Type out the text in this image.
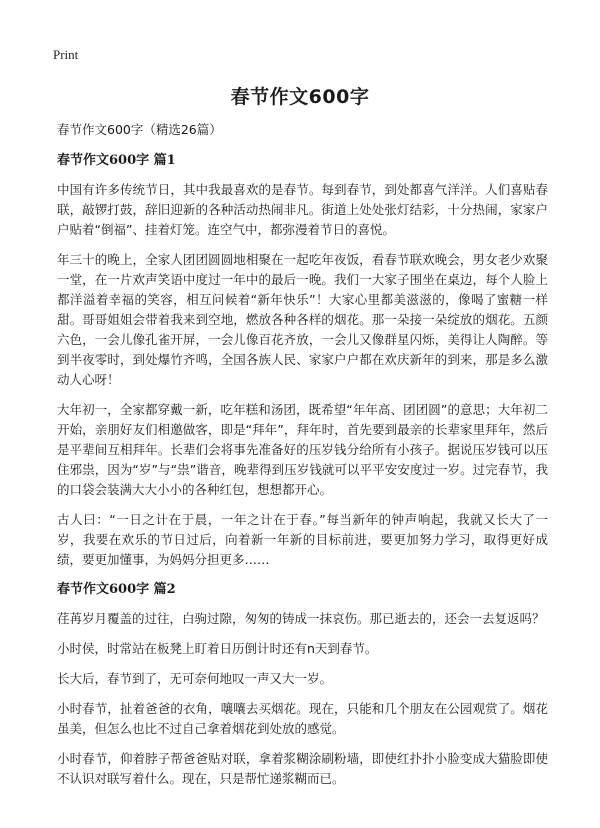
Print
春节作文600字
春节作文600字（精选26篇）
春节作文600字 篇1

中国有许多传统节日，其中我最喜欢的是春节。每到春节，到处都喜气洋洋。人们喜贴春联，敲锣打鼓，辞旧迎新的各种活动热闹非凡。街道上处处张灯结彩，十分热闹，家家户户贴着“倒福”、挂着灯笼。连空气中，都弥漫着节日的喜悦。

年三十的晚上，全家人团团圆圆地相聚在一起吃年夜饭，看春节联欢晚会，男女老少欢聚一堂，在一片欢声笑语中度过一年中的最后一晚。我们一大家子围坐在桌边，每个人脸上都洋溢着幸福的笑容，相互问候着“新年快乐”！大家心里都美滋滋的，像喝了蜜糖一样甜。哥哥姐姐会带着我来到空地，燃放各种各样的烟花。那一朵接一朵绽放的烟花。五颜六色，一会儿像孔雀开屏，一会儿像百花齐放，一会儿又像群星闪烁，美得让人陶醉。等到半夜零时，到处爆竹齐鸣，全国各族人民、家家户户都在欢庆新年的到来，那是多么激动人心呀！

大年初一，全家都穿戴一新，吃年糕和汤团，既希望“年年高、团团圆”的意思；大年初二开始，亲朋好友们相邀做客，即是“拜年”，拜年时，首先要到最亲的长辈家里拜年，然后是平辈间互相拜年。长辈们会将事先准备好的压岁钱分给所有小孩子。据说压岁钱可以压住邪祟，因为“岁”与“祟”谐音，晚辈得到压岁钱就可以平平安安度过一岁。过完春节，我的口袋会装满大大小小的各种红包，想想都开心。

古人曰：“一日之计在于晨，一年之计在于春。”每当新年的钟声响起，我就又长大了一岁，我要在欢乐的节日过后，向着新一年新的目标前进，要更加努力学习，取得更好成绩，要更加懂事，为妈妈分担更多……

春节作文600字 篇2

荏苒岁月覆盖的过往，白驹过隙，匆匆的铸成一抹哀伤。那已逝去的，还会一去复返吗？

小时侯，时常站在板凳上盯着日历倒计时还有n天到春节。

长大后，春节到了，无可奈何地叹一声又大一岁。

小时春节，扯着爸爸的衣角，嚷嚷去买烟花。现在，只能和几个朋友在公园观赏了。烟花虽美，但怎么也比不过自己拿着烟花到处放的感觉。

小时春节，仰着脖子帮爸爸贴对联，拿着浆糊涂刷粉墙，即使红扑扑小脸变成大猫脸即使不认识对联写着什么。现在，只是帮忙递浆糊而已。
